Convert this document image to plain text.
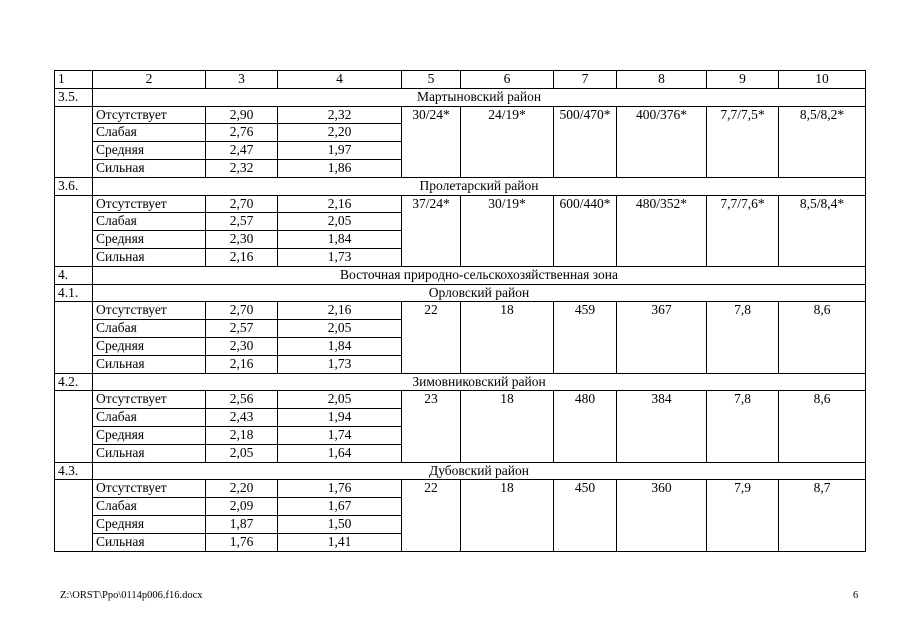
1	2	3	4	5	6	7	8	9	10
3.5.	Мартыновский район								
	Отсутствует	2,90	2,32	30/24*	24/19*	500/470*	400/376*	7,7/7,5*	8,5/8,2*
	Слабая	2,76	2,20						
	Средняя	2,47	1,97						
	Сильная	2,32	1,86						
3.6.	Пролетарский район								
	Отсутствует	2,70	2,16	37/24*	30/19*	600/440*	480/352*	7,7/7,6*	8,5/8,4*
	Слабая	2,57	2,05						
	Средняя	2,30	1,84						
	Сильная	2,16	1,73						
4.	Восточная природно-сельскохозяйственная зона								
4.1.	Орловский район								
	Отсутствует	2,70	2,16	22	18	459	367	7,8	8,6
	Слабая	2,57	2,05						
	Средняя	2,30	1,84						
	Сильная	2,16	1,73						
4.2.	Зимовниковский район								
	Отсутствует	2,56	2,05	23	18	480	384	7,8	8,6
	Слабая	2,43	1,94						
	Средняя	2,18	1,74						
	Сильная	2,05	1,64						
4.3.	Дубовский район								
	Отсутствует	2,20	1,76	22	18	450	360	7,9	8,7
	Слабая	2,09	1,67						
	Средняя	1,87	1,50						
	Сильная	1,76	1,41						
Z:\ORST\Ppo\0114p006.f16.docx	6
